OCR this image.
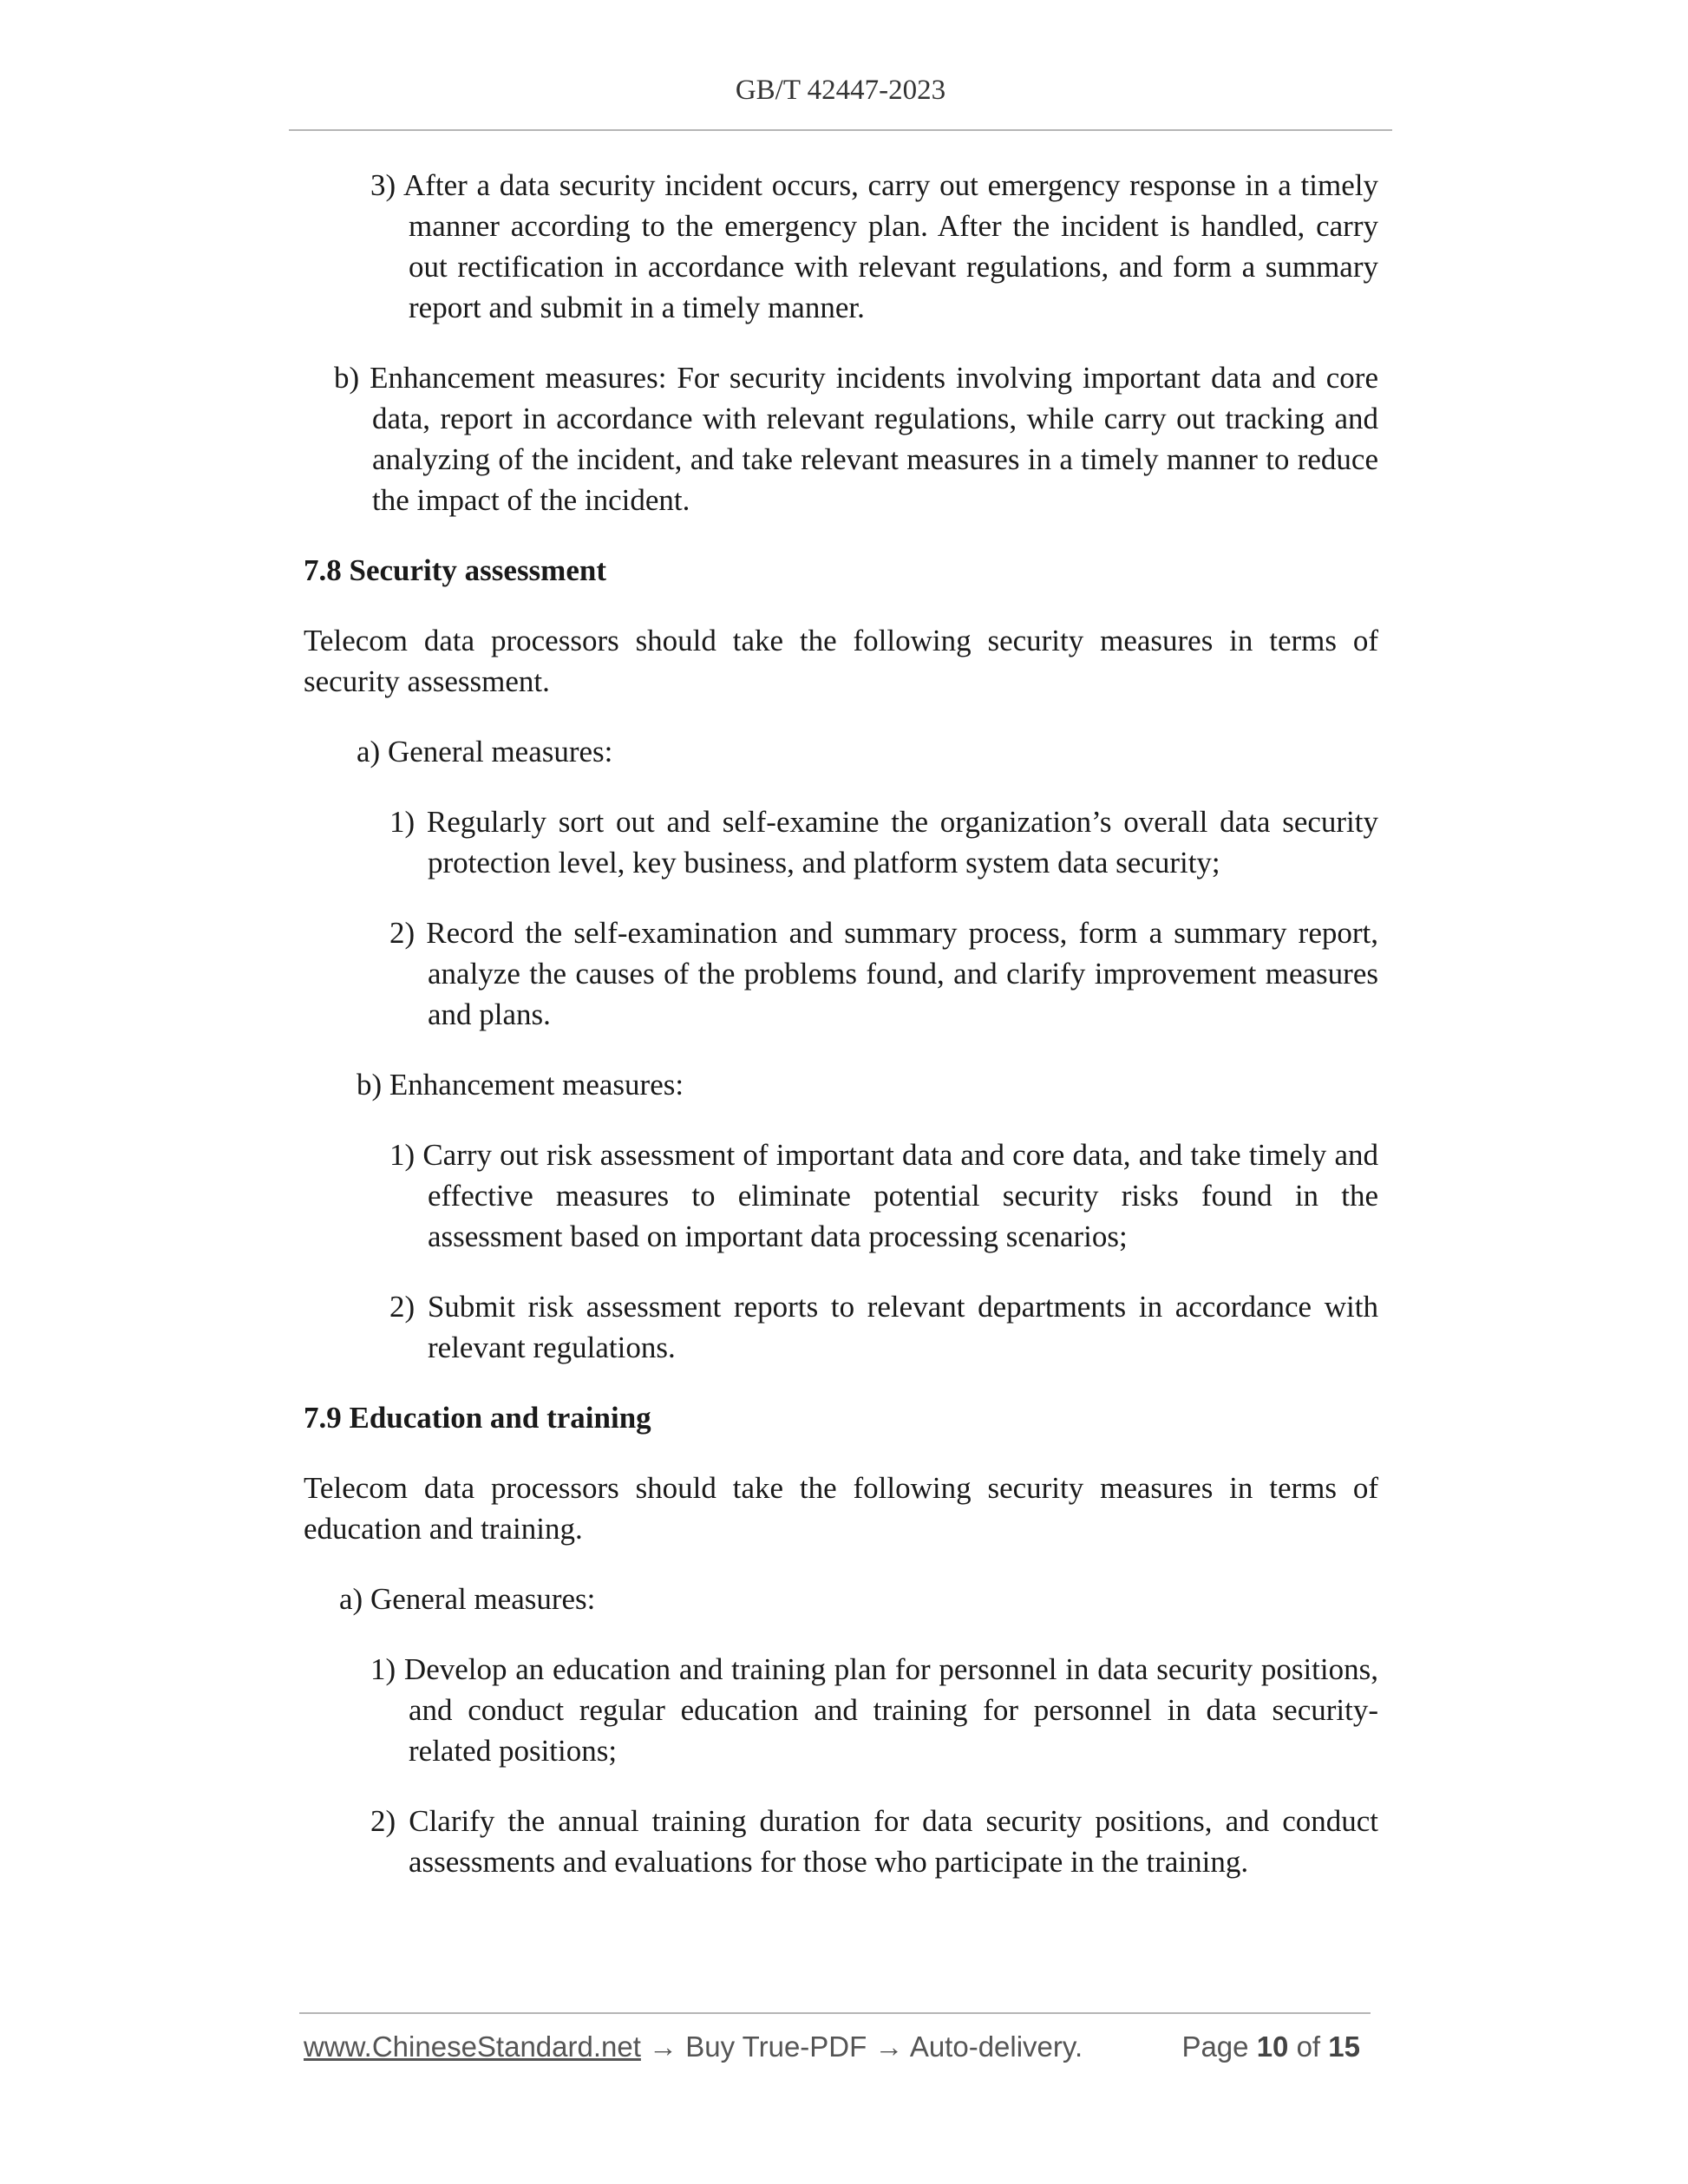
GB/T 42447-2023

3) After a data security incident occurs, carry out emergency response in a timely manner according to the emergency plan. After the incident is handled, carry out rectification in accordance with relevant regulations, and form a summary report and submit in a timely manner.

b) Enhancement measures: For security incidents involving important data and core data, report in accordance with relevant regulations, while carry out tracking and analyzing of the incident, and take relevant measures in a timely manner to reduce the impact of the incident.

7.8 Security assessment

Telecom data processors should take the following security measures in terms of security assessment.

a) General measures:

1) Regularly sort out and self-examine the organization’s overall data security protection level, key business, and platform system data security;

2) Record the self-examination and summary process, form a summary report, analyze the causes of the problems found, and clarify improvement measures and plans.

b) Enhancement measures:

1) Carry out risk assessment of important data and core data, and take timely and effective measures to eliminate potential security risks found in the assessment based on important data processing scenarios;

2) Submit risk assessment reports to relevant departments in accordance with relevant regulations.

7.9 Education and training

Telecom data processors should take the following security measures in terms of education and training.

a) General measures:

1) Develop an education and training plan for personnel in data security positions, and conduct regular education and training for personnel in data security-related positions;

2) Clarify the annual training duration for data security positions, and conduct assessments and evaluations for those who participate in the training.

www.ChineseStandard.net → Buy True-PDF → Auto-delivery.	Page 10 of 15
